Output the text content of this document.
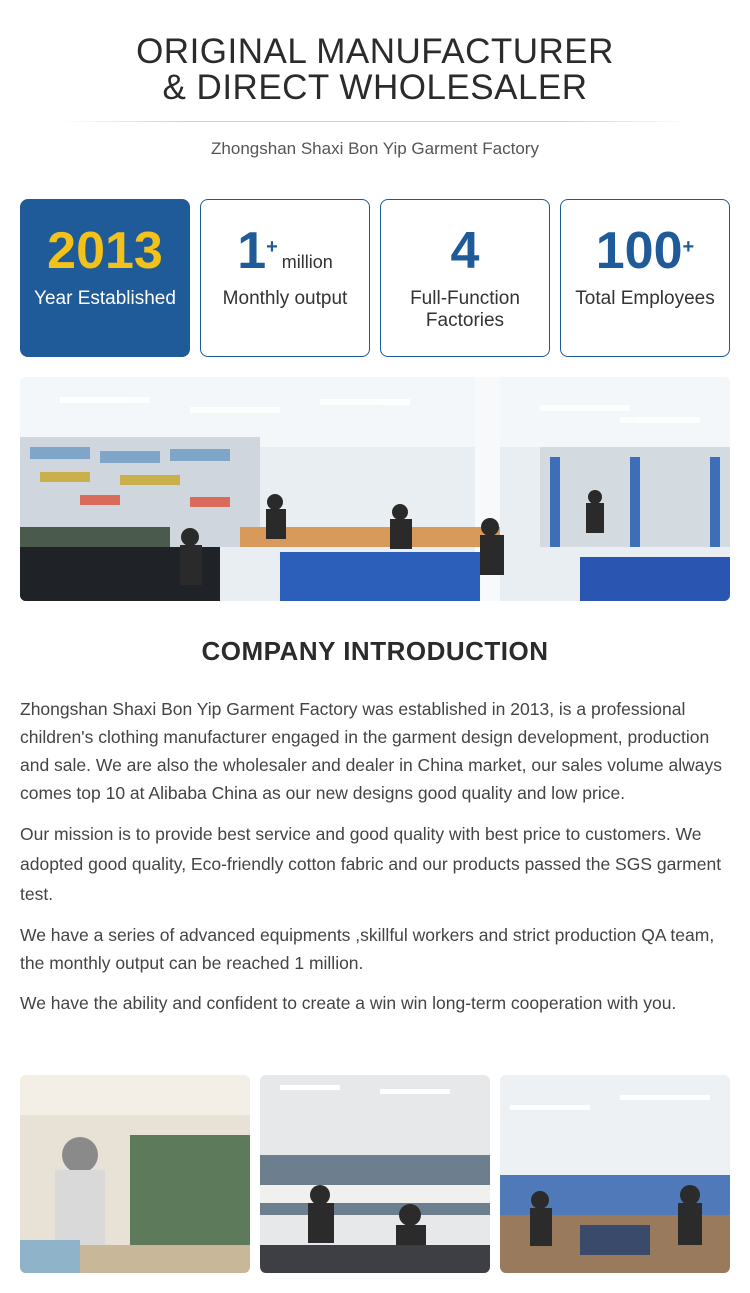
ORIGINAL MANUFACTURER
& DIRECT WHOLESALER
Zhongshan Shaxi Bon Yip Garment Factory
2013
Year Established
1+million
Monthly output
4
Full-Function Factories
100+
Total Employees
COMPANY INTRODUCTION

Zhongshan Shaxi Bon Yip Garment Factory was established in 2013, is a professional children's clothing manufacturer engaged in the garment design development, production and sale. We are also the wholesaler and dealer in China market, our sales volume always comes top 10 at Alibaba China as our new designs good quality and low price.

Our mission is to provide best service and good quality with best price to customers. We adopted good quality, Eco-friendly cotton fabric and our products passed the SGS garment test.

We have a series of advanced equipments ,skillful workers and strict production QA team, the monthly output can be reached 1 million.

We have the ability and confident to create a win win long-term cooperation with you.
